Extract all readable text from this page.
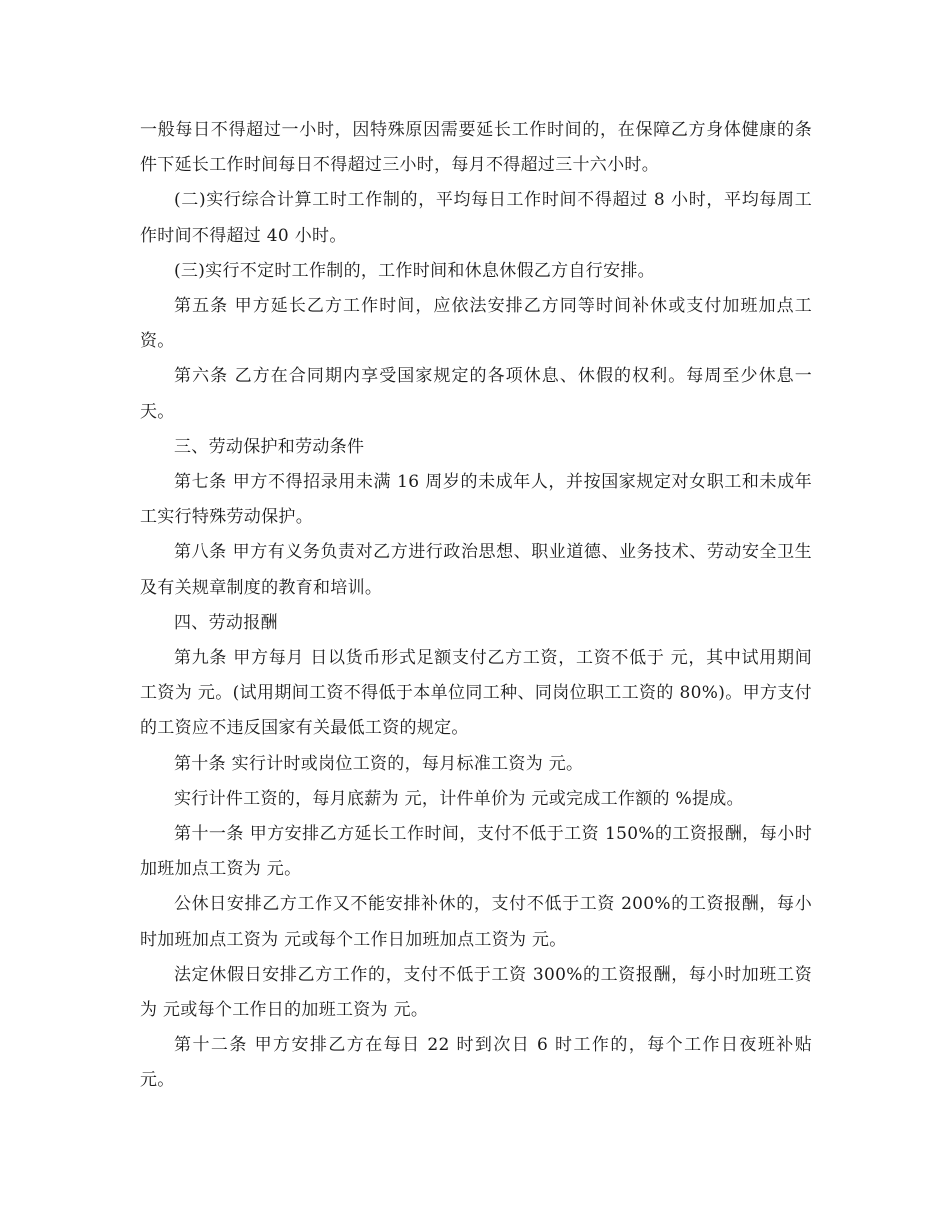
一般每日不得超过一小时，因特殊原因需要延长工作时间的，在保障乙方身体健康的条件下延长工作时间每日不得超过三小时，每月不得超过三十六小时。

(二)实行综合计算工时工作制的，平均每日工作时间不得超过 8 小时，平均每周工作时间不得超过 40 小时。

(三)实行不定时工作制的，工作时间和休息休假乙方自行安排。

第五条 甲方延长乙方工作时间，应依法安排乙方同等时间补休或支付加班加点工资。

第六条 乙方在合同期内享受国家规定的各项休息、休假的权利。每周至少休息一天。

三、劳动保护和劳动条件

第七条 甲方不得招录用未满 16 周岁的未成年人，并按国家规定对女职工和未成年工实行特殊劳动保护。

第八条 甲方有义务负责对乙方进行政治思想、职业道德、业务技术、劳动安全卫生及有关规章制度的教育和培训。

四、劳动报酬

第九条 甲方每月 日以货币形式足额支付乙方工资，工资不低于 元，其中试用期间工资为 元。(试用期间工资不得低于本单位同工种、同岗位职工工资的 80%)。甲方支付的工资应不违反国家有关最低工资的规定。

第十条 实行计时或岗位工资的，每月标准工资为 元。

实行计件工资的，每月底薪为 元，计件单价为 元或完成工作额的 %提成。

第十一条 甲方安排乙方延长工作时间，支付不低于工资 150%的工资报酬，每小时加班加点工资为 元。

公休日安排乙方工作又不能安排补休的，支付不低于工资 200%的工资报酬，每小时加班加点工资为 元或每个工作日加班加点工资为 元。

法定休假日安排乙方工作的，支付不低于工资 300%的工资报酬，每小时加班工资为 元或每个工作日的加班工资为 元。

第十二条 甲方安排乙方在每日 22 时到次日 6 时工作的，每个工作日夜班补贴 元。
